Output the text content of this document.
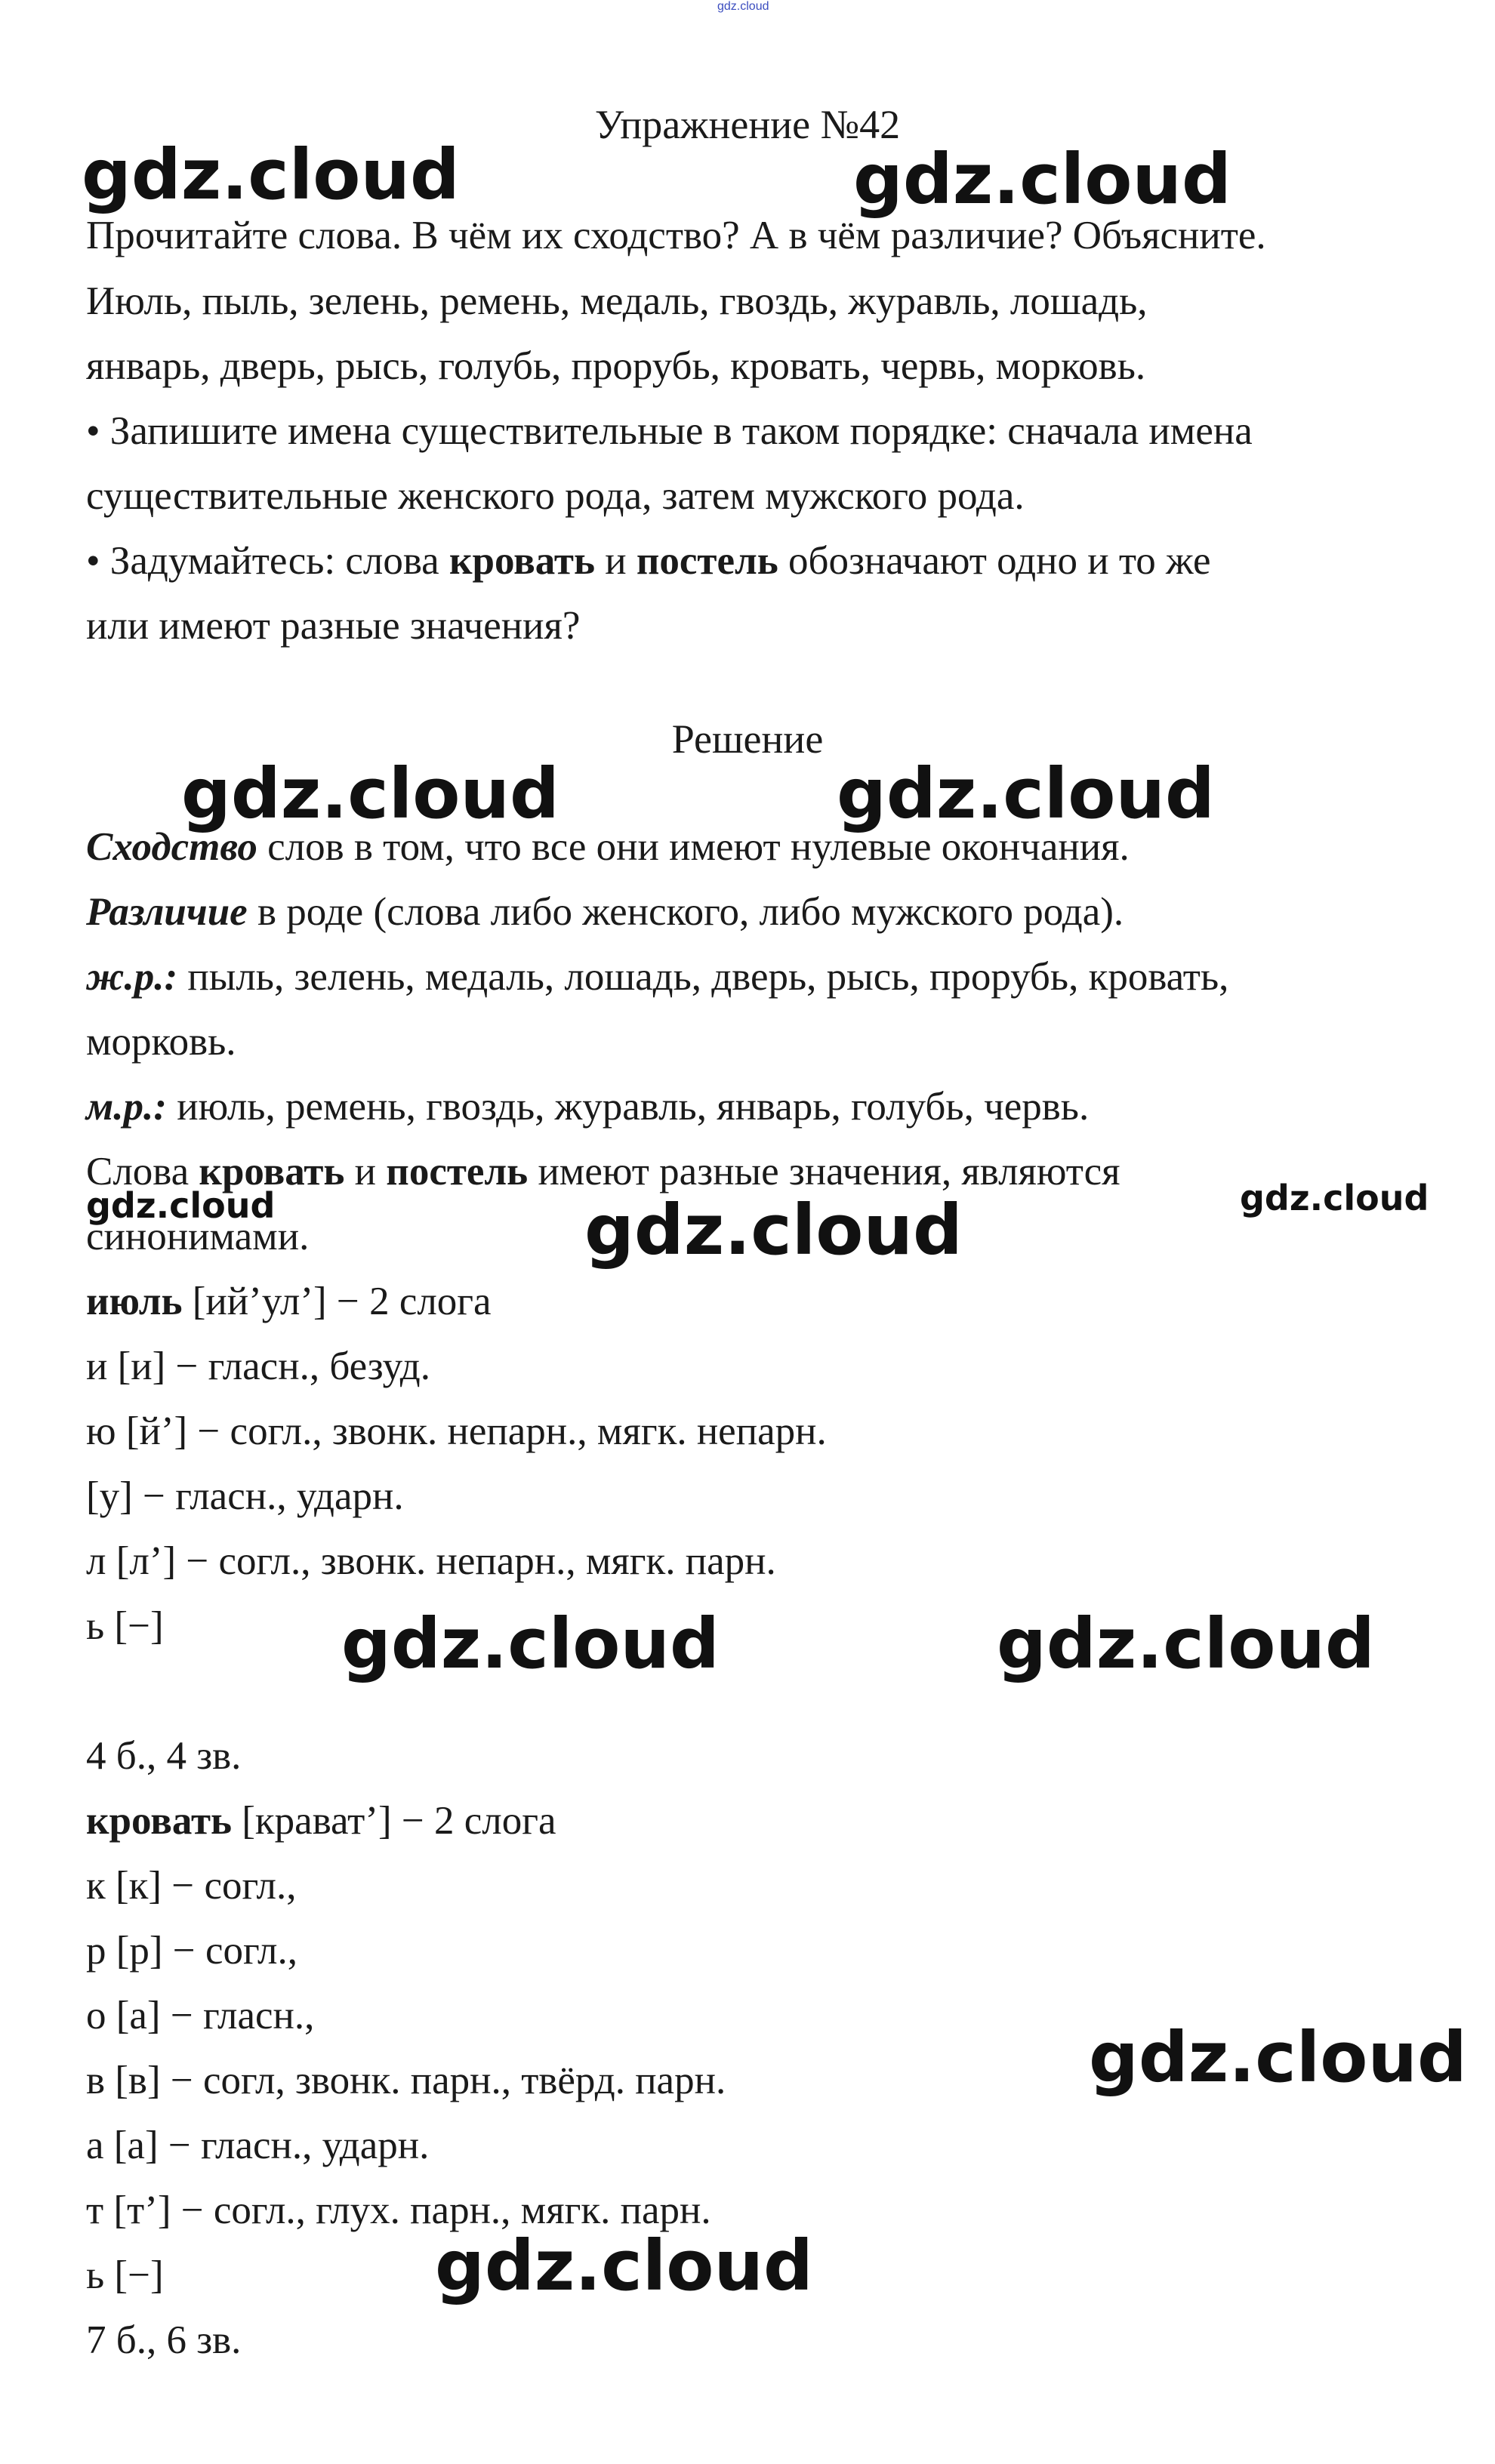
gdz.cloud
Упражнение №42
Прочитайте слова. В чём их сходство? А в чём различие? Объясните.
Июль, пыль, зелень, ремень, медаль, гвоздь, журавль, лошадь,
январь, дверь, рысь, голубь, прорубь, кровать, червь, морковь.
• Запишите имена существительные в таком порядке: сначала имена
существительные женского рода, затем мужского рода.
• Задумайтесь: слова кровать и постель обозначают одно и то же
или имеют разные значения?
Решение
Сходство слов в том, что все они имеют нулевые окончания.
Различие в роде (слова либо женского, либо мужского рода).
ж.р.: пыль, зелень, медаль, лошадь, дверь, рысь, прорубь, кровать,
морковь.
м.р.: июль, ремень, гвоздь, журавль, январь, голубь, червь.
Слова кровать и постель имеют разные значения, являются
синонимами.
июль [ий’ул’] − 2 слога
и [и] − гласн., безуд.
ю [й’] − согл., звонк. непарн., мягк. непарн.
[у] − гласн., ударн.
л [л’] − согл., звонк. непарн., мягк. парн.
ь [−]
4 б., 4 зв.
кровать [крават’] − 2 слога
к [к] − согл.,
р [р] − согл.,
о [а] − гласн.,
в [в] − согл, звонк. парн., твёрд. парн.
а [а] − гласн., ударн.
т [т’] − согл., глух. парн., мягк. парн.
ь [−]
7 б., 6 зв.
gdz.cloud	gdz.cloud
gdz.cloud	gdz.cloud
gdz.cloud	gdz.cloud
gdz.cloud
gdz.cloud	gdz.cloud
gdz.cloud
gdz.cloud
